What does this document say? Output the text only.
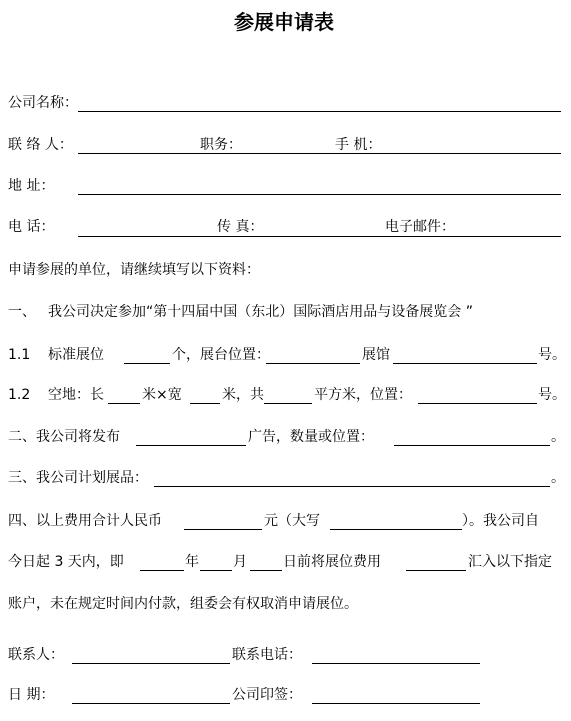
参展申请表
公司名称：
联 络 人：	职务：	手 机：
地 址：
电 话：	传 真：	电子邮件：
申请参展的单位，请继续填写以下资料：
一、 我公司决定参加“第十四届中国（东北）国际酒店用品与设备展览会 ”
1.1 标准展位	个，展台位置：	展馆	号。
1.2 空地：长	米×宽	米，共	平方米，位置：	号。
二、我公司将发布	广告，数量或位置：	。
三、我公司计划展品：	。
四、以上费用合计人民币	元（大写	）。我公司自
今日起 3 天内，即	年 月	日前将展位费用	汇入以下指定
账户，未在规定时间内付款，组委会有权取消申请展位。
联系人：	联系电话：
日 期：	公司印签：
